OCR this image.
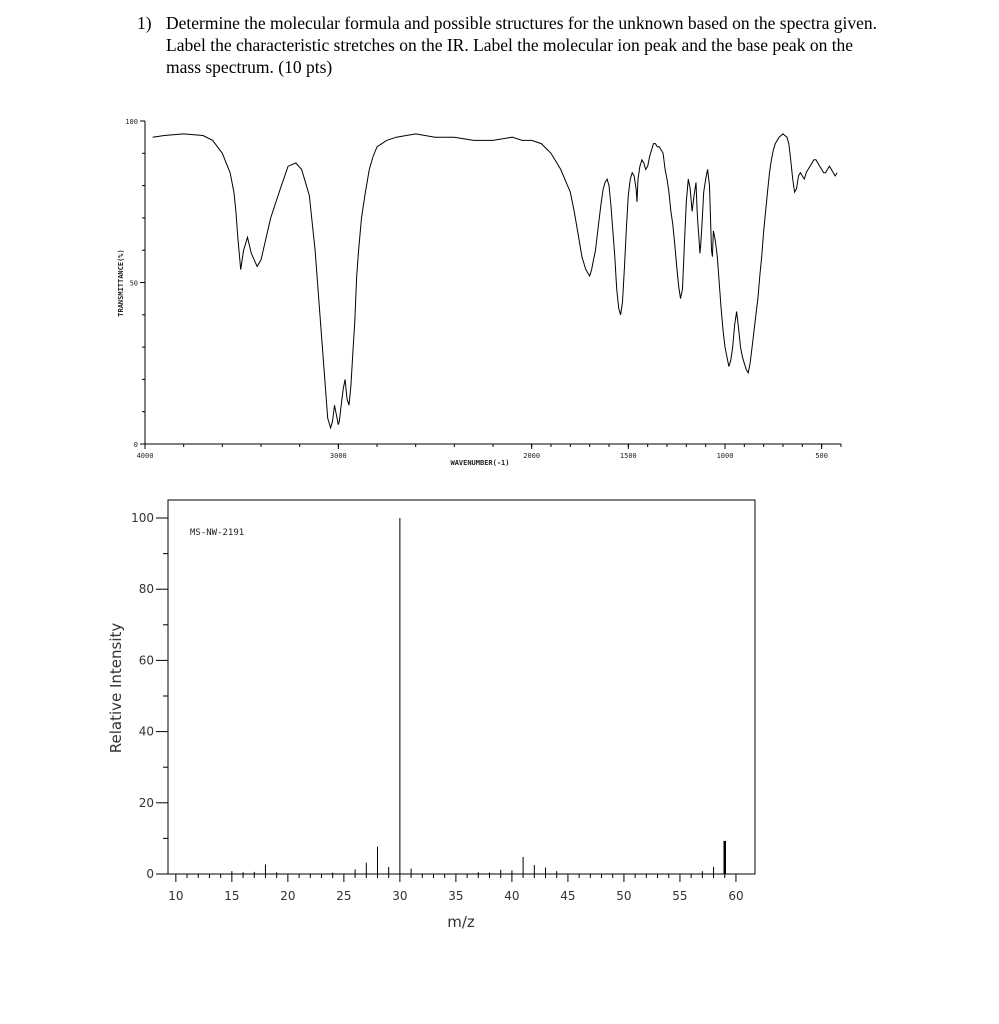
1) Determine the molecular formula and possible structures for the unknown based on the spectra given. Label the characteristic stretches on the IR. Label the molecular ion peak and the base peak on the mass spectrum. (10 pts)
100
50
0
4000	3000	2000	1500	1000	500
WAVENUMBER(-1)
TRANSMITTANCE(%)
0
20
40
60
80
100
10	15	20	25	30	35	40	45	50	55	60
MS-NW-2191
m/z
Relative Intensity
